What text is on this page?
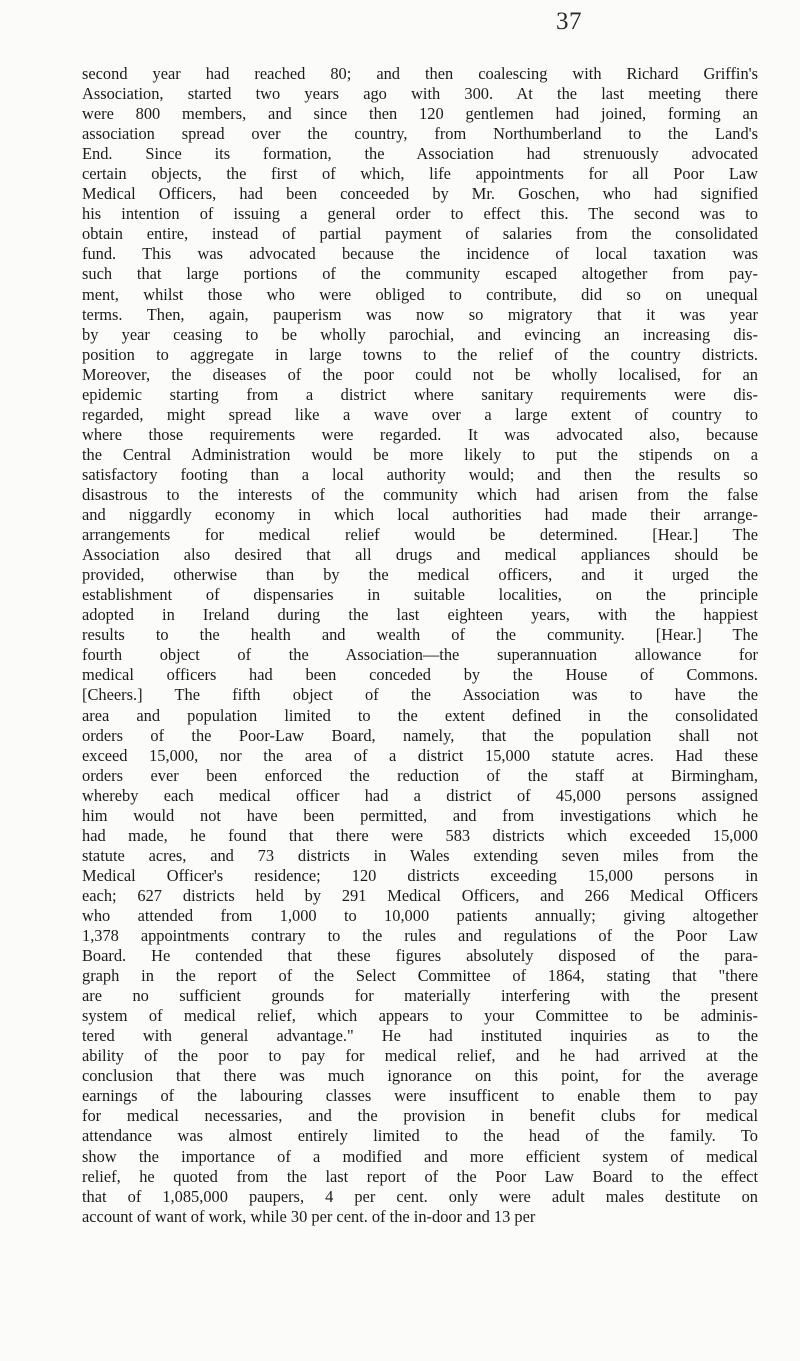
37
second year had reached 80; and then coalescing with Richard Griffin's
Association, started two years ago with 300. At the last meeting there
were 800 members, and since then 120 gentlemen had joined, forming an
association spread over the country, from Northumberland to the Land's
End. Since its formation, the Association had strenuously advocated
certain objects, the first of which, life appointments for all Poor Law
Medical Officers, had been conceeded by Mr. Goschen, who had signified
his intention of issuing a general order to effect this. The second was to
obtain entire, instead of partial payment of salaries from the consolidated
fund. This was advocated because the incidence of local taxation was
such that large portions of the community escaped altogether from pay-
ment, whilst those who were obliged to contribute, did so on unequal
terms. Then, again, pauperism was now so migratory that it was year
by year ceasing to be wholly parochial, and evincing an increasing dis-
position to aggregate in large towns to the relief of the country districts.
Moreover, the diseases of the poor could not be wholly localised, for an
epidemic starting from a district where sanitary requirements were dis-
regarded, might spread like a wave over a large extent of country to
where those requirements were regarded. It was advocated also, because
the Central Administration would be more likely to put the stipends on a
satisfactory footing than a local authority would; and then the results so
disastrous to the interests of the community which had arisen from the false
and niggardly economy in which local authorities had made their arrange-
arrangements for medical relief would be determined. [Hear.] The
Association also desired that all drugs and medical appliances should be
provided, otherwise than by the medical officers, and it urged the
establishment of dispensaries in suitable localities, on the principle
adopted in Ireland during the last eighteen years, with the happiest
results to the health and wealth of the community. [Hear.] The
fourth object of the Association—the superannuation allowance for
medical officers had been conceded by the House of Commons.
[Cheers.] The fifth object of the Association was to have the
area and population limited to the extent defined in the consolidated
orders of the Poor-Law Board, namely, that the population shall not
exceed 15,000, nor the area of a district 15,000 statute acres. Had these
orders ever been enforced the reduction of the staff at Birmingham,
whereby each medical officer had a district of 45,000 persons assigned
him would not have been permitted, and from investigations which he
had made, he found that there were 583 districts which exceeded 15,000
statute acres, and 73 districts in Wales extending seven miles from the
Medical Officer's residence; 120 districts exceeding 15,000 persons in
each; 627 districts held by 291 Medical Officers, and 266 Medical Officers
who attended from 1,000 to 10,000 patients annually; giving altogether
1,378 appointments contrary to the rules and regulations of the Poor Law
Board. He contended that these figures absolutely disposed of the para-
graph in the report of the Select Committee of 1864, stating that "there
are no sufficient grounds for materially interfering with the present
system of medical relief, which appears to your Committee to be adminis-
tered with general advantage." He had instituted inquiries as to the
ability of the poor to pay for medical relief, and he had arrived at the
conclusion that there was much ignorance on this point, for the average
earnings of the labouring classes were insufficent to enable them to pay
for medical necessaries, and the provision in benefit clubs for medical
attendance was almost entirely limited to the head of the family. To
show the importance of a modified and more efficient system of medical
relief, he quoted from the last report of the Poor Law Board to the effect
that of 1,085,000 paupers, 4 per cent. only were adult males destitute on
account of want of work, while 30 per cent. of the in-door and 13 per
